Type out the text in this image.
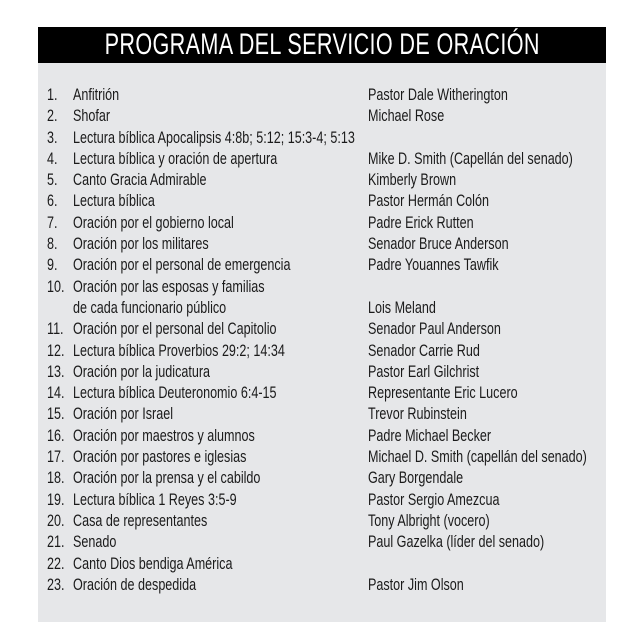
PROGRAMA DEL SERVICIO DE ORACIÓN
1. Anfitrión	Pastor Dale Witherington
2. Shofar	Michael Rose
3. Lectura bíblica Apocalipsis 4:8b; 5:12; 15:3-4; 5:13
4. Lectura bíblica y oración de apertura	Mike D. Smith (Capellán del senado)
5. Canto Gracia Admirable	Kimberly Brown
6. Lectura bíblica	Pastor Hermán Colón
7. Oración por el gobierno local	Padre Erick Rutten
8. Oración por los militares	Senador Bruce Anderson
9. Oración por el personal de emergencia	Padre Youannes Tawfik
10. Oración por las esposas y familias
de cada funcionario público	Lois Meland
11. Oración por el personal del Capitolio	Senador Paul Anderson
12. Lectura bíblica Proverbios 29:2; 14:34	Senador Carrie Rud
13. Oración por la judicatura	Pastor Earl Gilchrist
14. Lectura bíblica Deuteronomio 6:4-15	Representante Eric Lucero
15. Oración por Israel	Trevor Rubinstein
16. Oración por maestros y alumnos	Padre Michael Becker
17. Oración por pastores e iglesias	Michael D. Smith (capellán del senado)
18. Oración por la prensa y el cabildo	Gary Borgendale
19. Lectura bíblica 1 Reyes 3:5-9	Pastor Sergio Amezcua
20. Casa de representantes	Tony Albright (vocero)
21. Senado	Paul Gazelka (líder del senado)
22. Canto Dios bendiga América
23. Oración de despedida	Pastor Jim Olson
